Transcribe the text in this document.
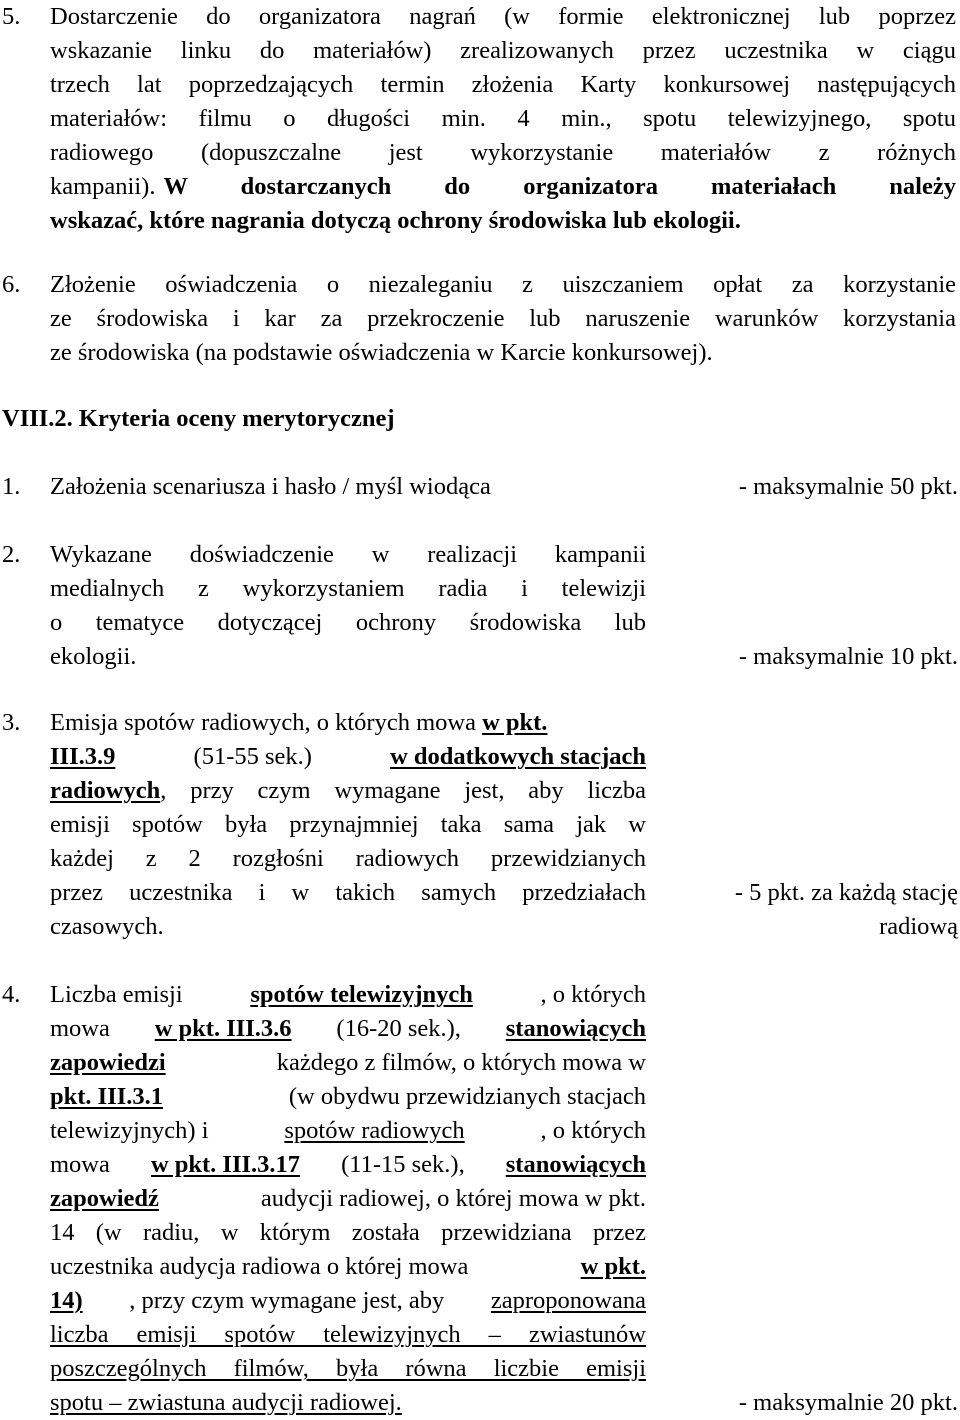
5. Dostarczenie do organizatora nagrań (w formie elektronicznej lub poprzez
wskazanie linku do materiałów) zrealizowanych przez uczestnika w ciągu
trzech lat poprzedzających termin złożenia Karty konkursowej następujących
materiałów: filmu o długości min. 4 min., spotu telewizyjnego, spotu
radiowego (dopuszczalne jest wykorzystanie materiałów z różnych
kampanii). W dostarczanych do organizatora materiałach należy
wskazać, które nagrania dotyczą ochrony środowiska lub ekologii.
6. Złożenie oświadczenia o niezaleganiu z uiszczaniem opłat za korzystanie
ze środowiska i kar za przekroczenie lub naruszenie warunków korzystania
ze środowiska (na podstawie oświadczenia w Karcie konkursowej).
VIII.2. Kryteria oceny merytorycznej
1. Założenia scenariusza i hasło / myśl wiodąca	- maksymalnie 50 pkt.
2. Wykazane doświadczenie w realizacji kampanii
medialnych z wykorzystaniem radia i telewizji
o tematyce dotyczącej ochrony środowiska lub
ekologii.	- maksymalnie 10 pkt.
3. Emisja spotów radiowych, o których mowa w pkt.
III.3.9	(51-55 sek.)	w dodatkowych stacjach
radiowych , przy czym wymagane jest, aby liczba
emisji spotów była przynajmniej taka sama jak w
każdej z 2 rozgłośni radiowych przewidzianych
przez uczestnika i w takich samych przedziałach
czasowych.
- 5 pkt. za każdą stację
radiową
4. Liczba emisji	spotów telewizyjnych	, o których
mowa w pkt. III.3.6 (16-20 sek.), stanowiących
zapowiedzi	każdego z filmów, o których mowa w
pkt. III.3.1	(w obydwu przewidzianych stacjach
telewizyjnych) i	spotów radiowych	, o których
mowa w pkt. III.3.17 (11-15 sek.), stanowiących
zapowiedź	audycji radiowej, o której mowa w pkt.
14 (w radiu, w którym została przewidziana przez
uczestnika audycja radiowa o której mowa	w pkt.
14) , przy czym wymagane jest, aby zaproponowana
liczba emisji spotów telewizyjnych – zwiastunów
poszczególnych filmów, była równa liczbie emisji
spotu – zwiastuna audycji radiowej.	- maksymalnie 20 pkt.
